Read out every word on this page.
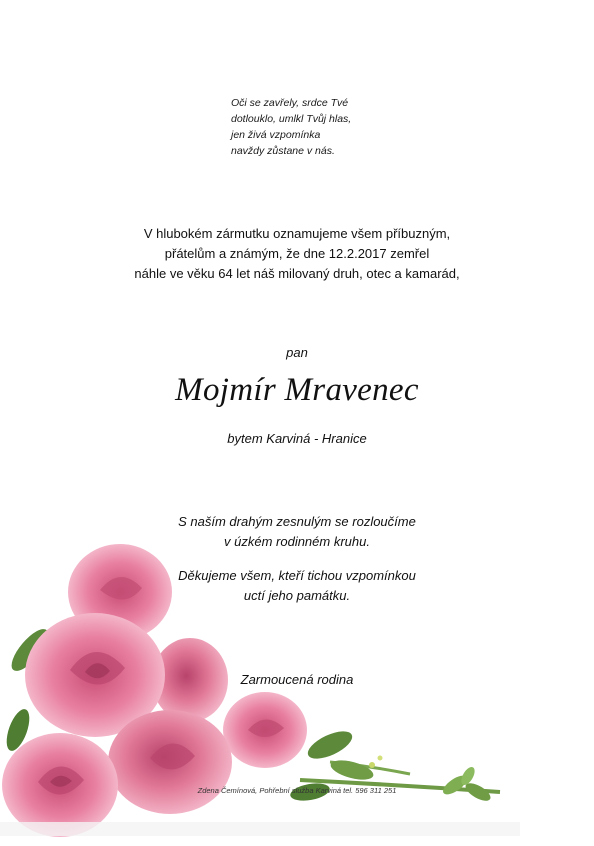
Oči se zavřely, srdce Tvé
dotlouklo, umlkl Tvůj hlas,
jen živá vzpomínka
navždy zůstane v nás.
V hlubokém zármutku oznamujeme všem příbuzným,
přátelům a známým, že dne 12.2.2017 zemřel
náhle ve věku 64 let náš milovaný druh, otec a kamarád,
pan
Mojmír Mravenec
bytem Karviná - Hranice
S naším drahým zesnulým se rozloučíme
v úzkém rodinném kruhu.
Děkujeme všem, kteří tichou vzpomínkou
uctí jeho památku.
Zarmoucená rodina
Zdena Čemínová, Pohřební služba Karviná tel. 596 311 251
